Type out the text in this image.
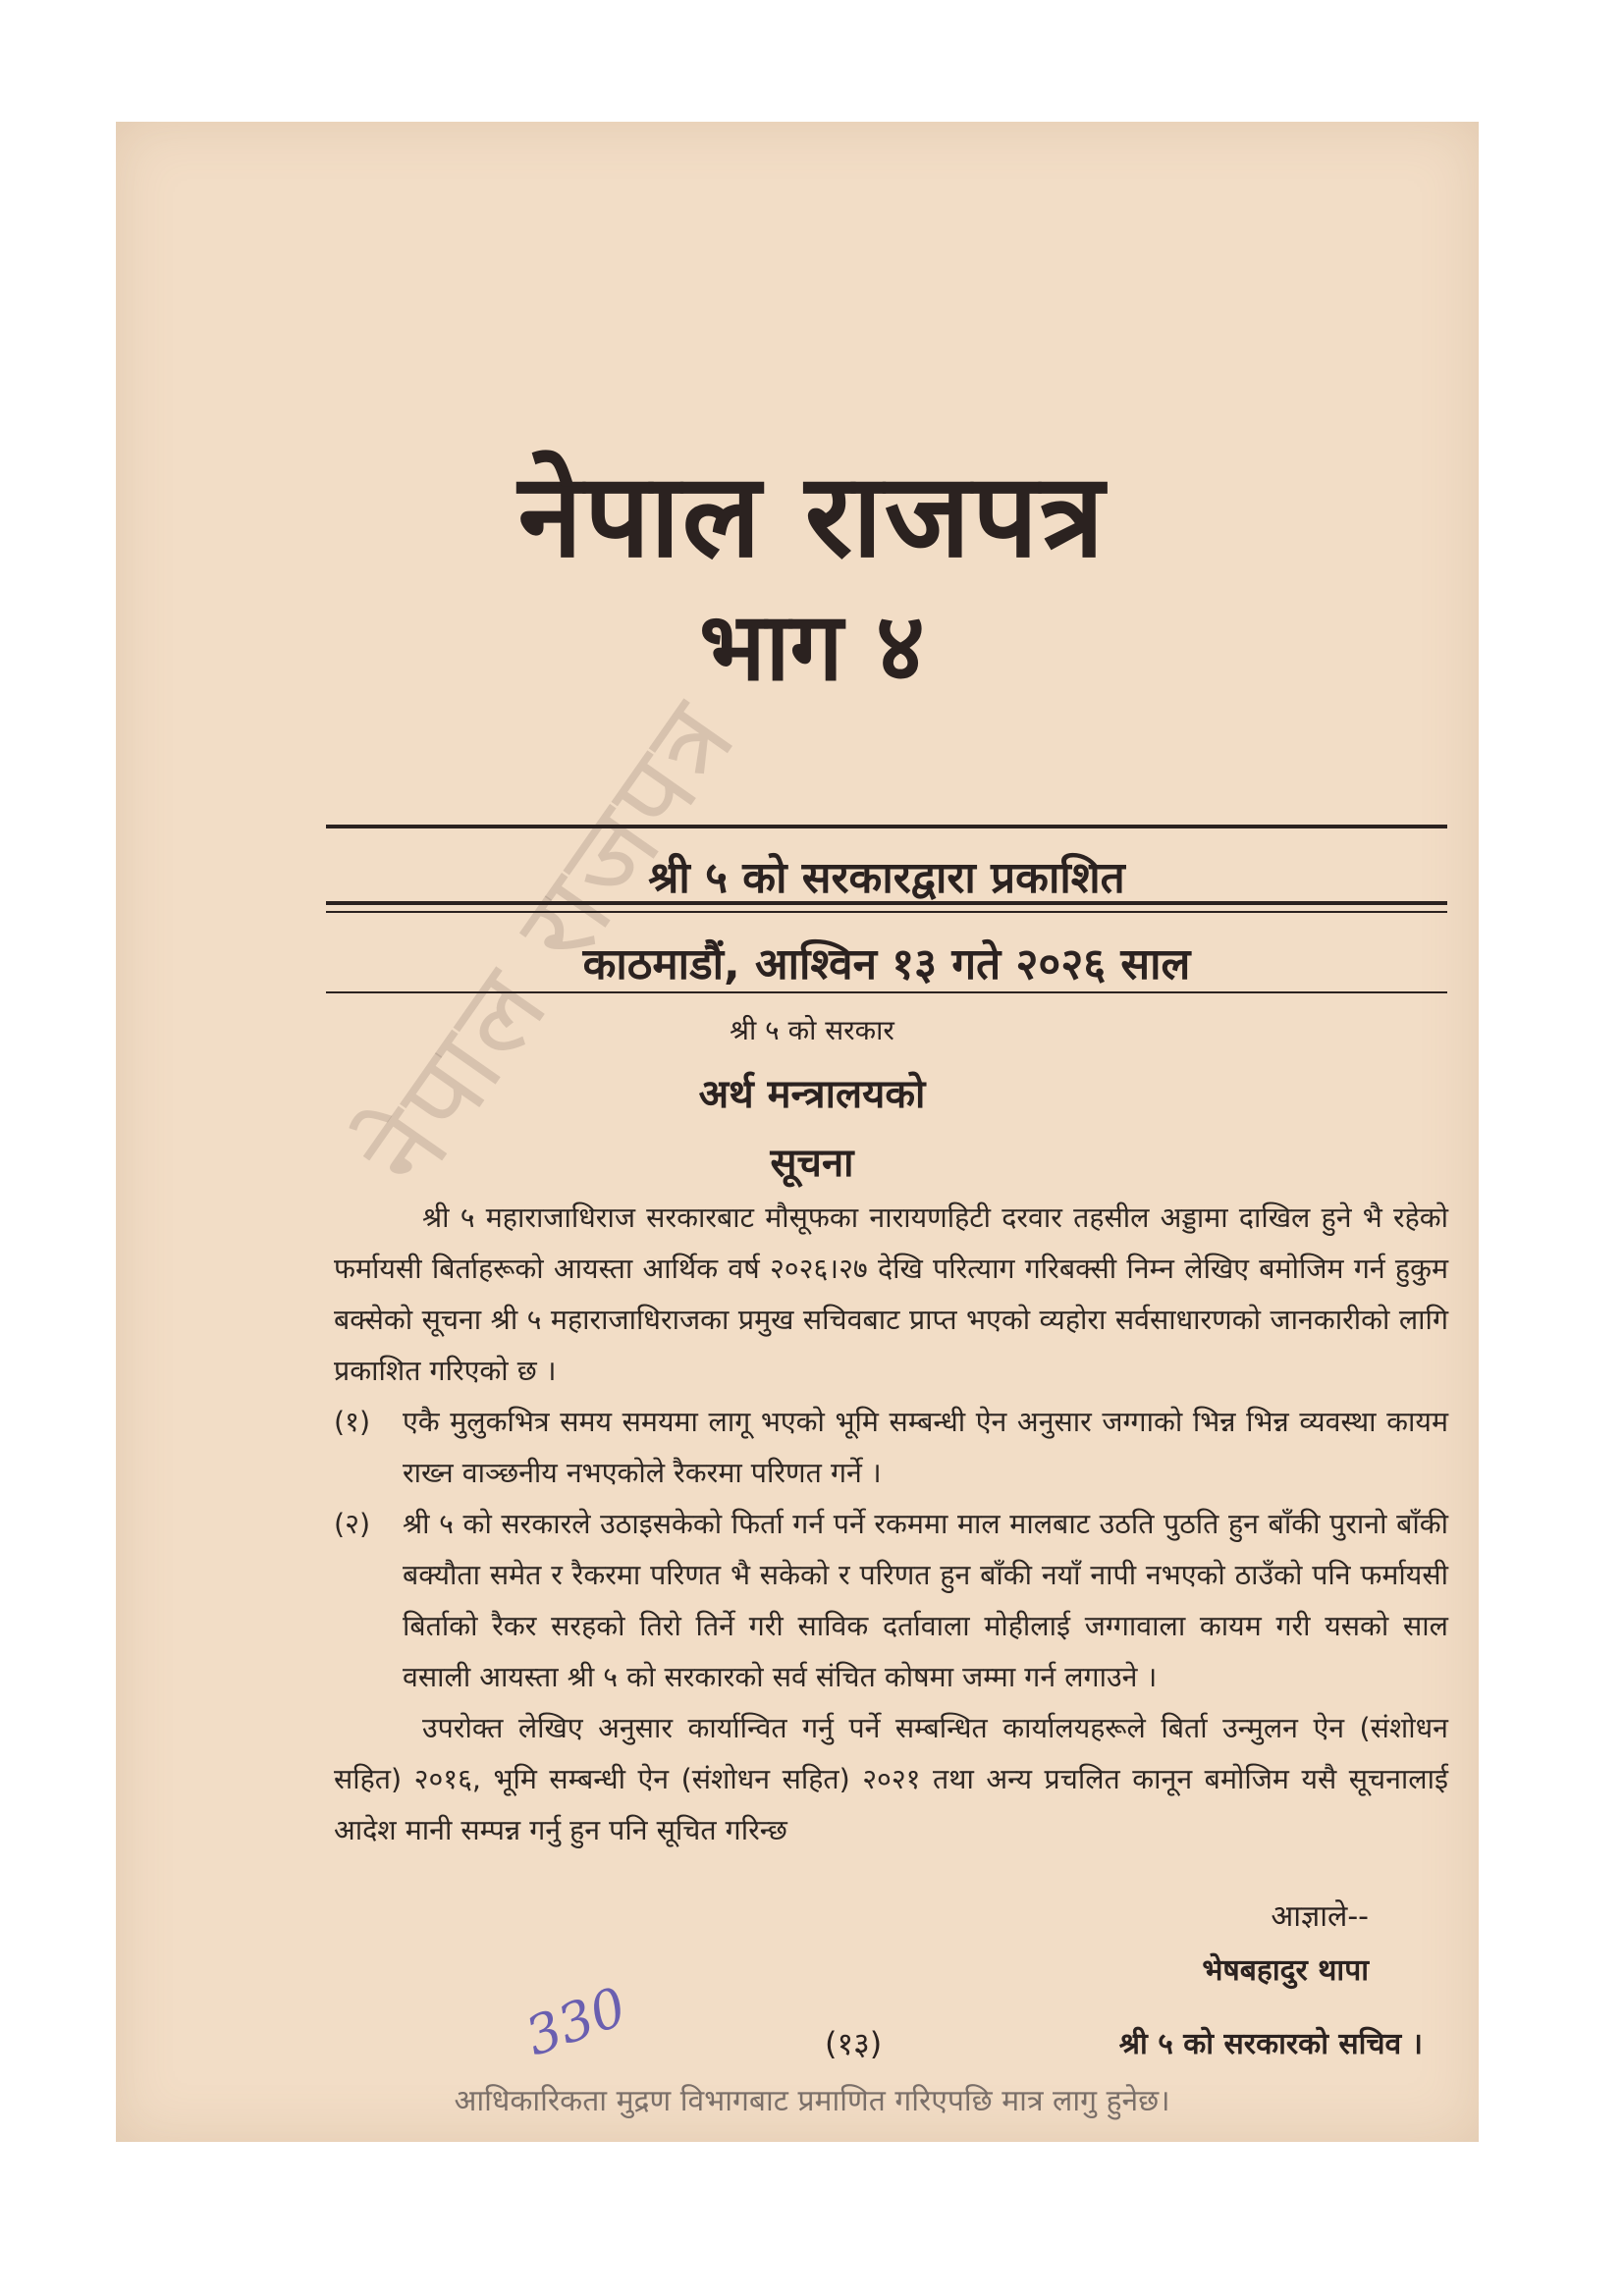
नेपाल राजपत्र
नेपाल राजपत्र
भाग ४
श्री ५ को सरकारद्वारा प्रकाशित
काठमाडौं, आश्विन १३ गते २०२६ साल
श्री ५ को सरकार
अर्थ मन्त्रालयको
सूचना

श्री ५ महाराजाधिराज सरकारबाट मौसूफका नारायणहिटी दरवार तहसील अड्डामा दाखिल हुने भै रहेको फर्मायसी बिर्ताहरूको आयस्ता आर्थिक वर्ष २०२६।२७ देखि परित्याग गरिबक्सी निम्न लेखिए बमोजिम गर्न हुकुम बक्सेको सूचना श्री ५ महाराजाधिराजका प्रमुख सचिवबाट प्राप्त भएको व्यहोरा सर्वसाधारणको जानकारीको लागि प्रकाशित गरिएको छ ।

(१) एकै मुलुकभित्र समय समयमा लागू भएको भूमि सम्बन्धी ऐन अनुसार जग्गाको भिन्न भिन्न व्यवस्था कायम राख्न वाञ्छनीय नभएकोले रैकरमा परिणत गर्ने ।

(२) श्री ५ को सरकारले उठाइसकेको फिर्ता गर्न पर्ने रकममा माल मालबाट उठति पुठति हुन बाँकी पुरानो बाँकी बक्यौता समेत र रैकरमा परिणत भै सकेको र परिणत हुन बाँकी नयाँ नापी नभएको ठाउँको पनि फर्मायसी बिर्ताको रैकर सरहको तिरो तिर्ने गरी साविक दर्तावाला मोहीलाई जग्गावाला कायम गरी यसको साल वसाली आयस्ता श्री ५ को सरकारको सर्व संचित कोषमा जम्मा गर्न लगाउने ।

उपरोक्त लेखिए अनुसार कार्यान्वित गर्नु पर्ने सम्बन्धित कार्यालयहरूले बिर्ता उन्मुलन ऐन (संशोधन सहित) २०१६, भूमि सम्बन्धी ऐन (संशोधन सहित) २०२१ तथा अन्य प्रचलित कानून बमोजिम यसै सूचनालाई आदेश मानी सम्पन्न गर्नु हुन पनि सूचित गरिन्छ

आज्ञाले--
भेषबहादुर थापा
श्री ५ को सरकारको सचिव ।
(१३)
330
आधिकारिकता मुद्रण विभागबाट प्रमाणित गरिएपछि मात्र लागु हुनेछ।
